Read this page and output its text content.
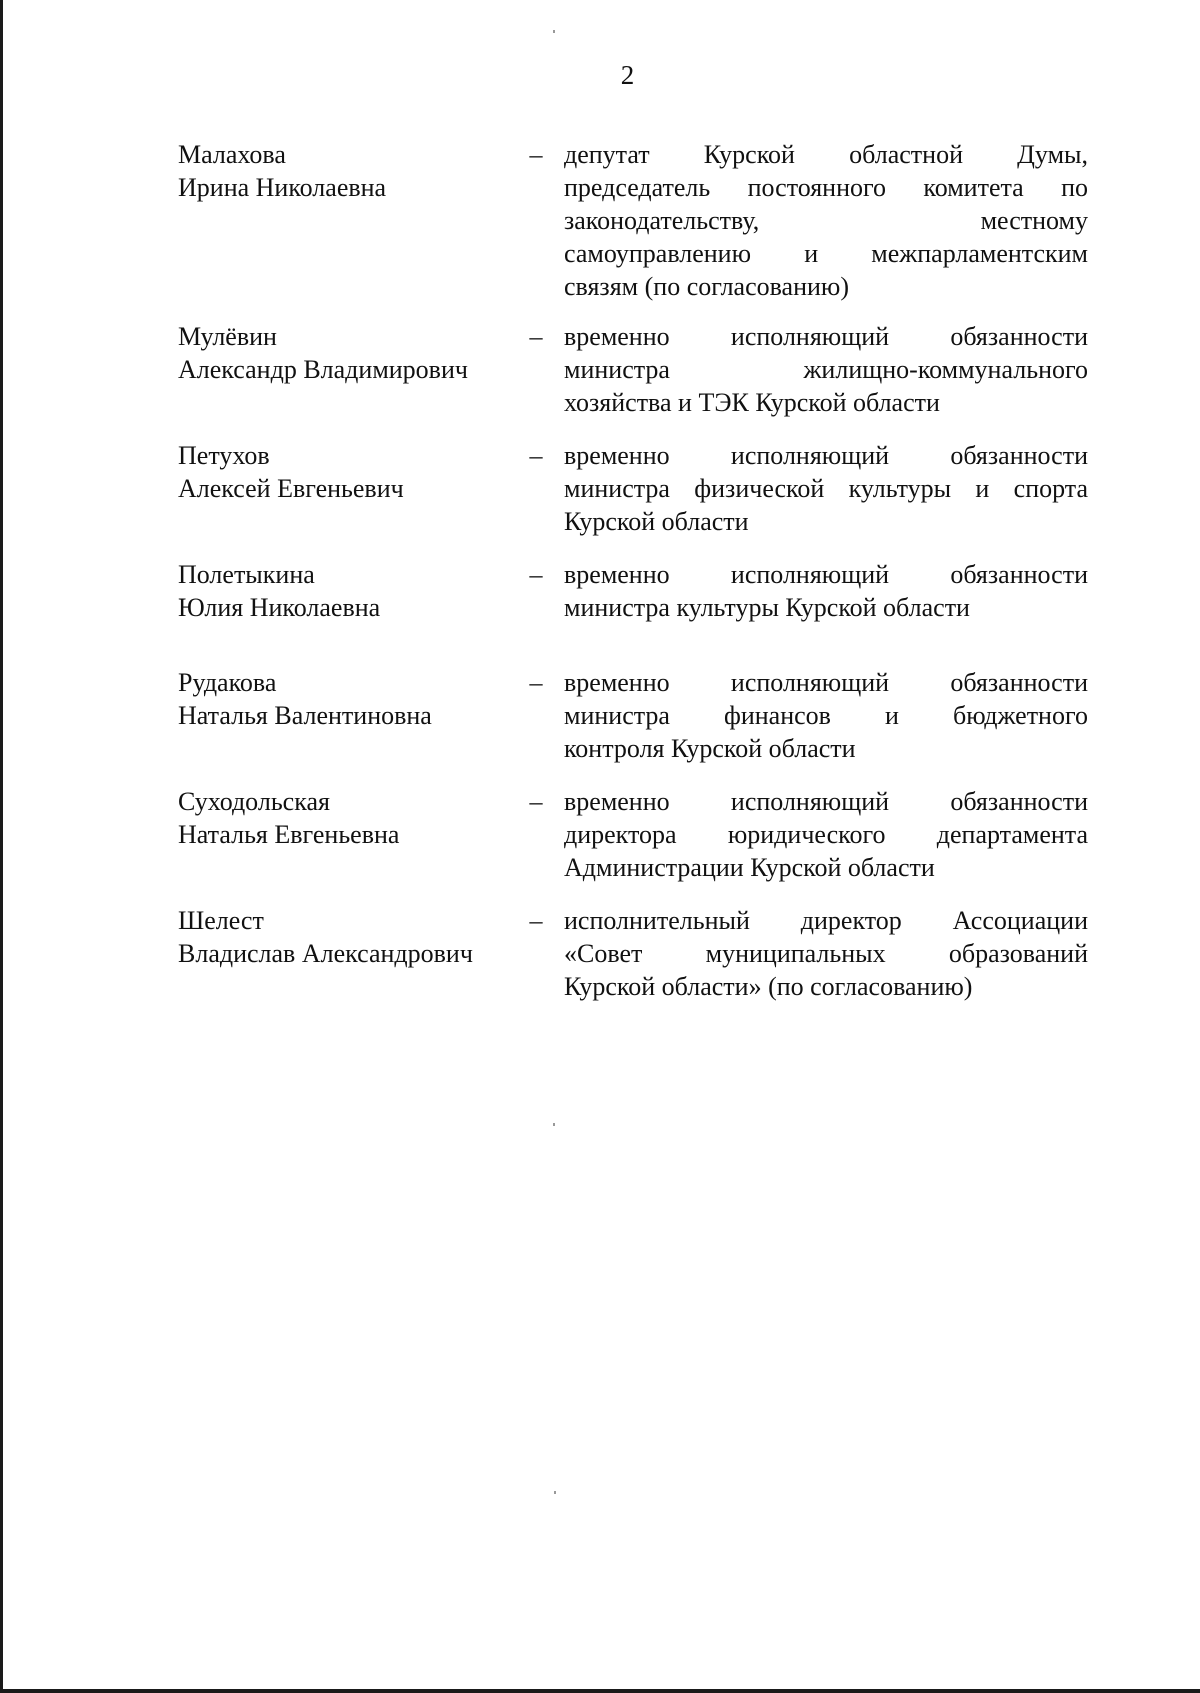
2
Малахова
Ирина Николаевна
– депутат Курской областной Думы,
председатель постоянного комитета по
законодательству, местному
самоуправлению и межпарламентским
связям (по согласованию)
Мулёвин
Александр Владимирович
– временно исполняющий обязанности
министра жилищно-коммунального
хозяйства и ТЭК Курской области
Петухов
Алексей Евгеньевич
– временно исполняющий обязанности
министра физической культуры и спорта
Курской области
Полетыкина
Юлия Николаевна
– временно исполняющий обязанности
министра культуры Курской области
Рудакова
Наталья Валентиновна
– временно исполняющий обязанности
министра финансов и бюджетного
контроля Курской области
Суходольская
Наталья Евгеньевна
– временно исполняющий обязанности
директора юридического департамента
Администрации Курской области
Шелест
Владислав Александрович
– исполнительный директор Ассоциации
«Совет муниципальных образований
Курской области» (по согласованию)
